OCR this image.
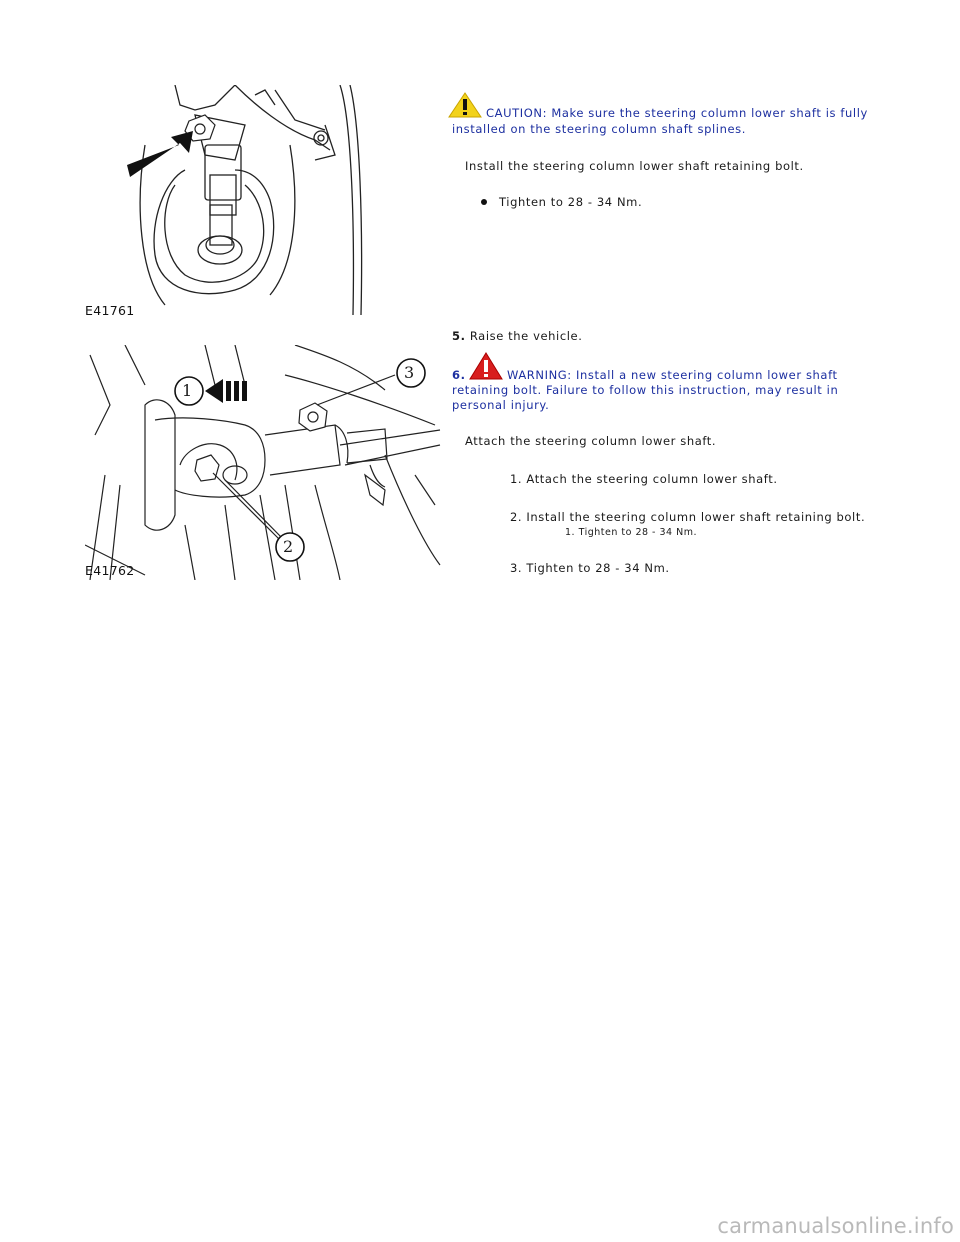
E41761
1
2
3
E41762
CAUTION: Make sure the steering column lower shaft is fully
installed on the steering column shaft splines.
Install the steering column lower shaft retaining bolt.
Tighten to 28 - 34 Nm.
5. Raise the vehicle.
6.	WARNING: Install a new steering column lower shaft
retaining bolt. Failure to follow this instruction, may result in
personal injury.
Attach the steering column lower shaft.
1. Attach the steering column lower shaft.
2. Install the steering column lower shaft retaining bolt.
1. Tighten to 28 - 34 Nm.
3. Tighten to 28 - 34 Nm.
carmanualsonline.info
